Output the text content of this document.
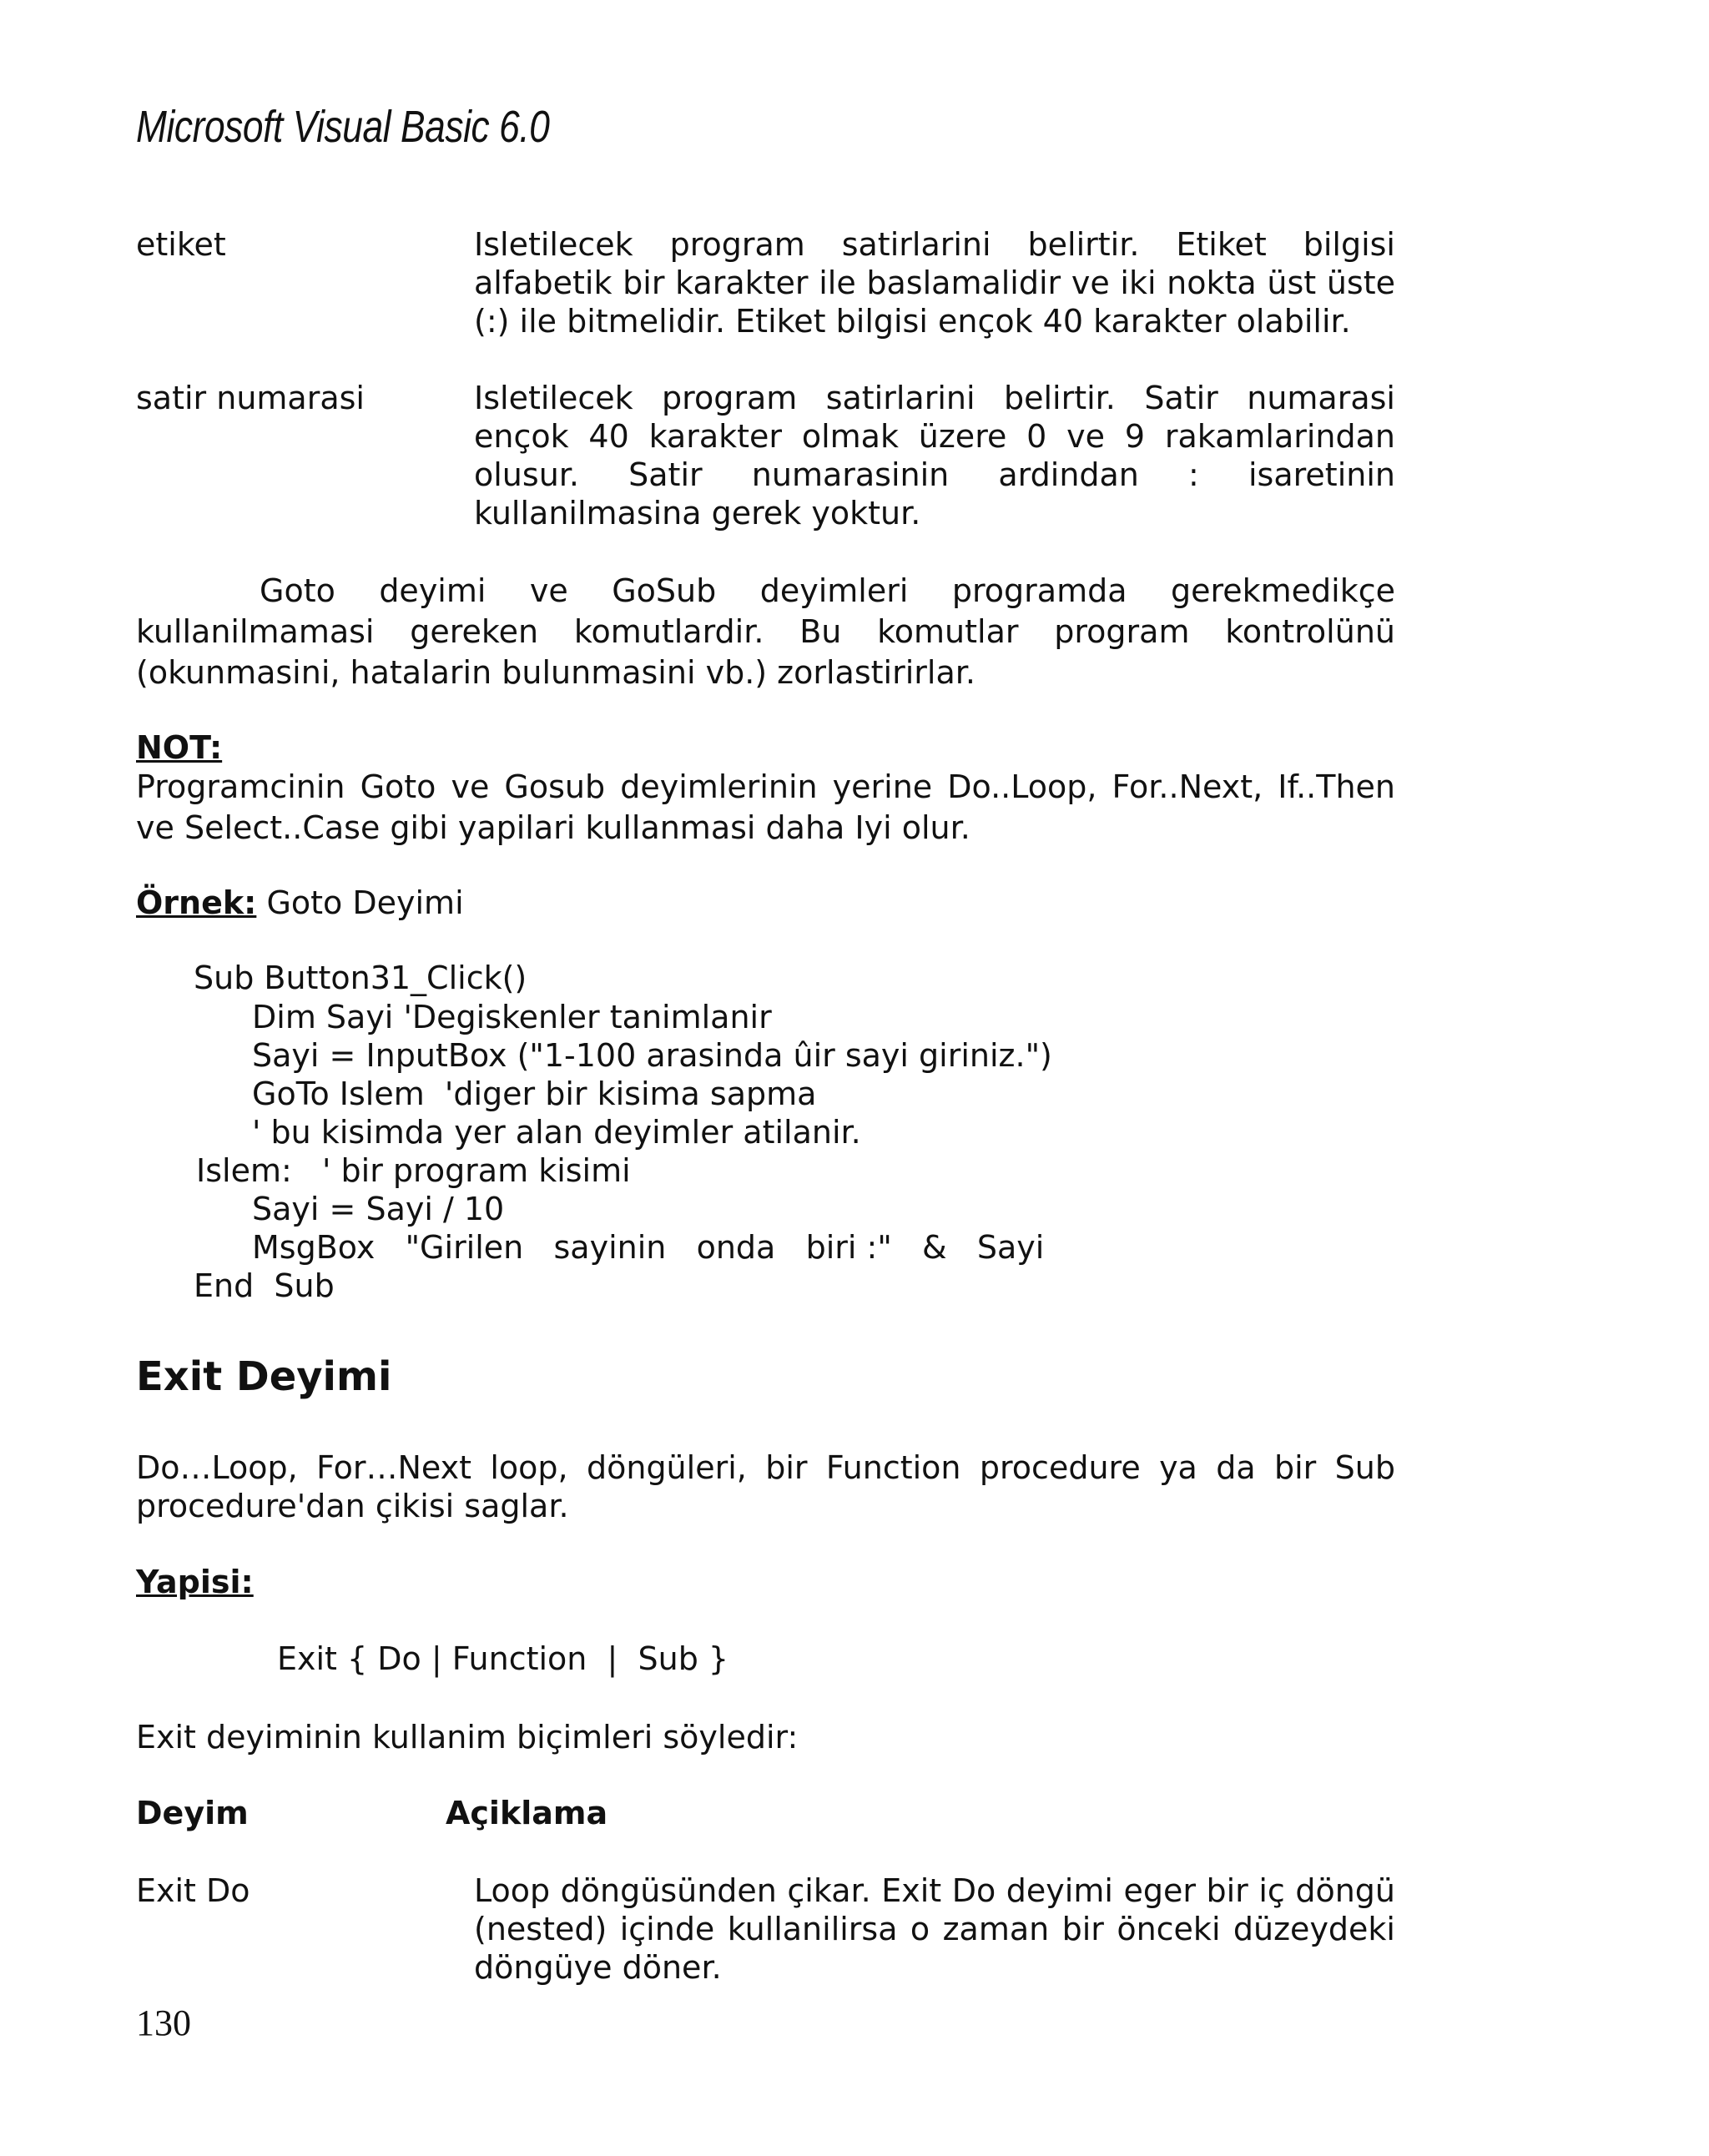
Microsoft Visual Basic 6.0
etiket	Isletilecek program satirlarini belirtir. Etiket bilgisi alfabetik bir karakter ile baslamalidir ve iki nokta üst üste (:) ile bitmelidir. Etiket bilgisi ençok 40 karakter olabilir.
satir numarasi	Isletilecek program satirlarini belirtir. Satir numarasi ençok 40 karakter olmak üzere 0 ve 9 rakamlarindan olusur. Satir numarasinin ardindan : isaretinin kullanilmasina gerek yoktur.
Goto deyimi ve GoSub deyimleri programda gerekmedikçe kullanilmamasi gereken komutlardir. Bu komutlar program kontrolünü (okunmasini, hatalarin bulunmasini vb.) zorlastirirlar.
NOT:
Programcinin Goto ve Gosub deyimlerinin yerine Do..Loop, For..Next, If..Then ve Select..Case gibi yapilari kullanmasi daha Iyi olur.
Örnek: Goto Deyimi
Sub Button31_Click()
Dim Sayi 'Degiskenler tanimlanir
Sayi = InputBox ("1-100 arasinda ûir sayi giriniz.")
GoTo Islem  'diger bir kisima sapma
' bu kisimda yer alan deyimler atilanir.
Islem:   ' bir program kisimi
Sayi = Sayi / 10
MsgBox   "Girilen   sayinin   onda   biri :"   &   Sayi
End  Sub
Exit Deyimi
Do…Loop, For…Next loop, döngüleri, bir Function procedure ya da bir Sub procedure'dan çikisi saglar.
Yapisi:
Exit { Do | Function  |  Sub }
Exit deyiminin kullanim biçimleri söyledir:
Deyim	Açiklama
Exit Do	Loop döngüsünden çikar. Exit Do deyimi eger bir iç döngü (nested) içinde kullanilirsa o zaman bir önceki düzeydeki döngüye döner.
130
